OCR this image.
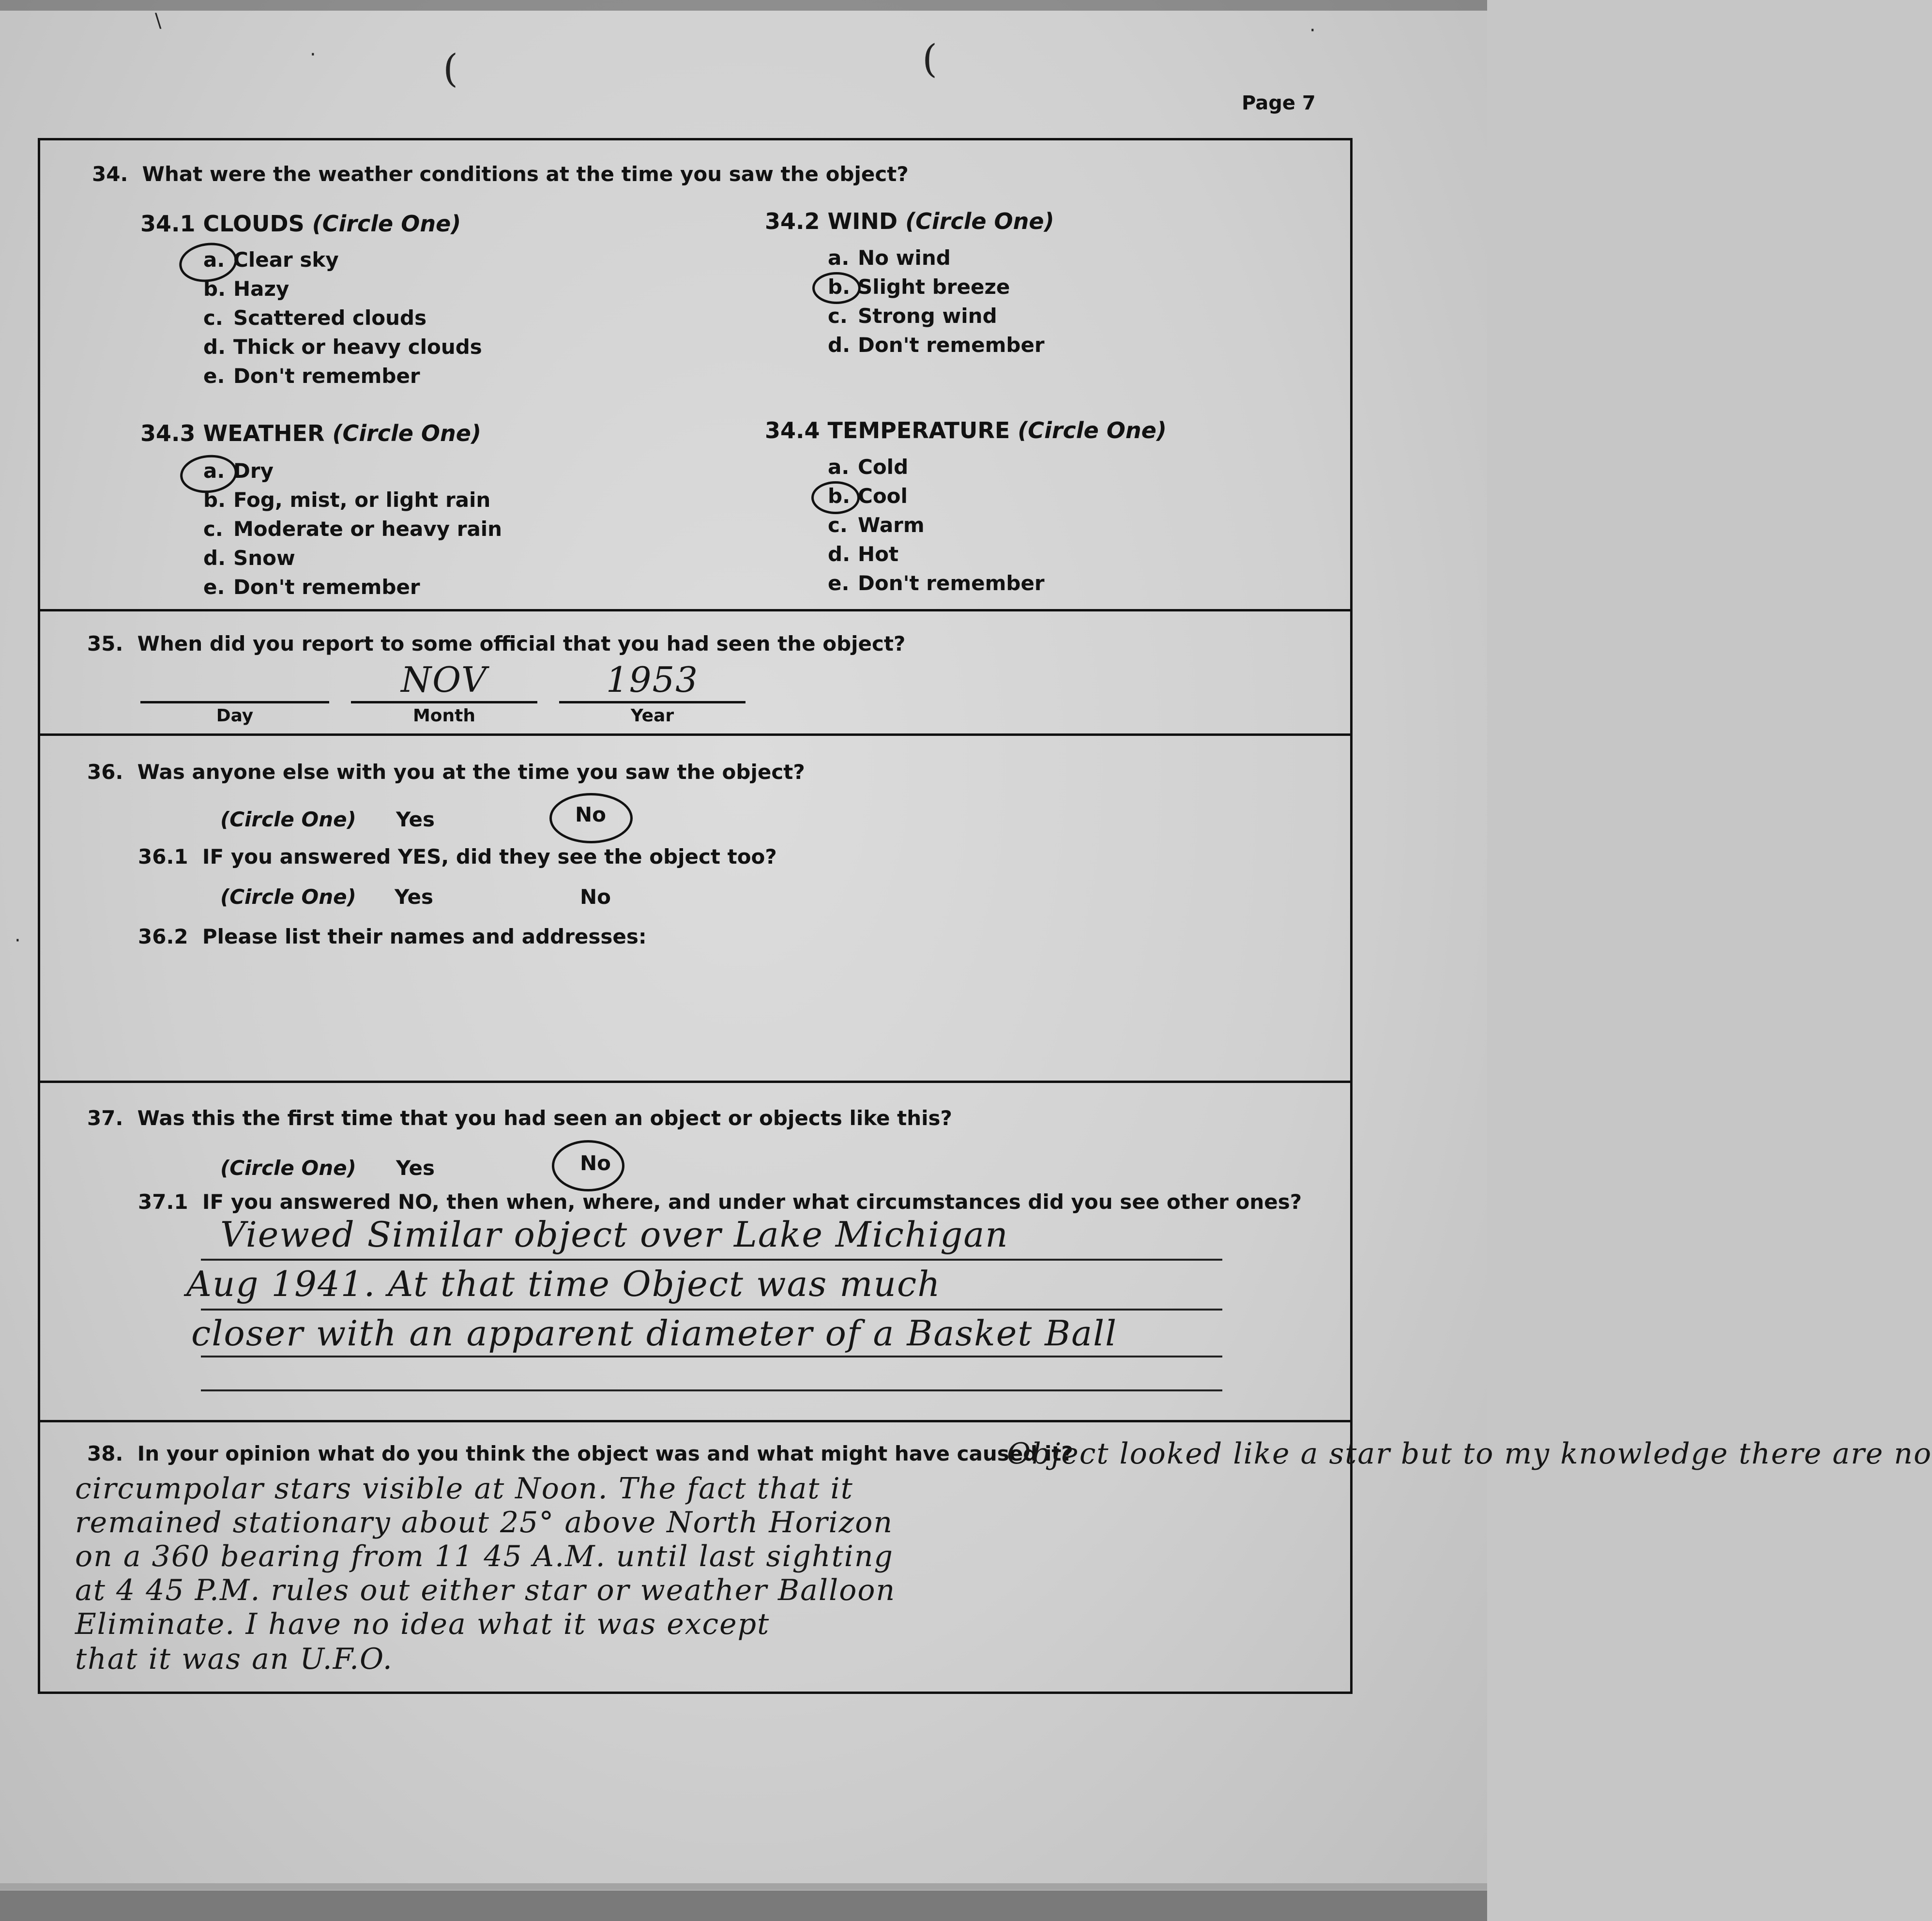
(	(
\
·
·
·
Page 7
34. What were the weather conditions at the time you saw the object?
34.1 CLOUDS (Circle One)
a. Clear sky
b. Hazy
c. Scattered clouds
d. Thick or heavy clouds
e. Don't remember
34.2 WIND (Circle One)
a. No wind
b. Slight breeze
c. Strong wind
d. Don't remember
34.3 WEATHER (Circle One)
a. Dry
b. Fog, mist, or light rain
c. Moderate or heavy rain
d. Snow
e. Don't remember
34.4 TEMPERATURE (Circle One)
a. Cold
b. Cool
c. Warm
d. Hot
e. Don't remember
35. When did you report to some official that you had seen the object?
Day
NOV
Month
1953
Year
36. Was anyone else with you at the time you saw the object?
(Circle One) Yes	No
36.1 IF you answered YES, did they see the object too?
(Circle One) Yes	No
36.2 Please list their names and addresses:
37. Was this the first time that you had seen an object or objects like this?
(Circle One) Yes	No
37.1 IF you answered NO, then when, where, and under what circumstances did you see other ones?
Viewed Similar object over Lake Michigan
Aug 1941. At that time Object was much
closer with an apparent diameter of a Basket Ball
38. In your opinion what do you think the object was and what might have caused it?
Object looked like a star but to my knowledge there are no
circumpolar stars visible at Noon. The fact that it
remained stationary about 25° above North Horizon
on a 360 bearing from 11 45 A.M. until last sighting
at 4 45 P.M. rules out either star or weather Balloon
Eliminate. I have no idea what it was except
that it was an U.F.O.
